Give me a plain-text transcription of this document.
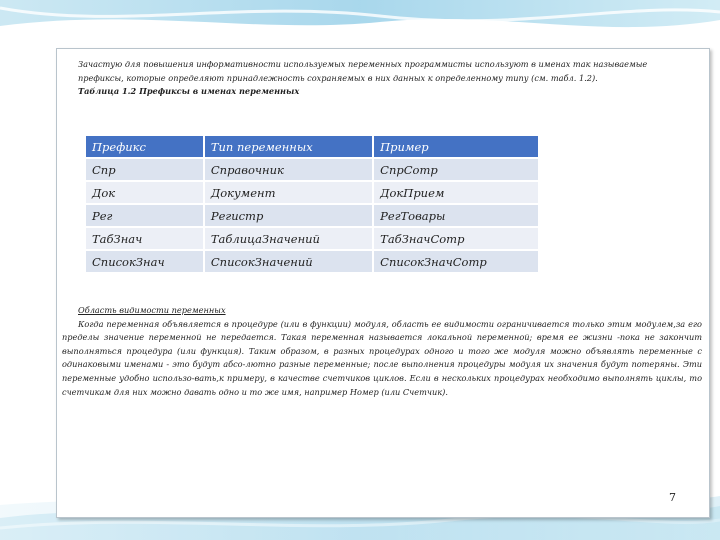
Зачастую для повышения информативности используемых переменных программисты используют в именах так называемые

префиксы, которые определяют принадлежность сохраняемых в них данных к определенному типу (см. табл. 1.2).

Таблица 1.2 Префиксы в именах переменных

Префикс	Тип переменных	Пример
Спр	Справочник	СпрСотр
Док	Документ	ДокПрием
Рег	Регистр	РегТовары
ТабЗнач	ТаблицаЗначений	ТабЗначСотр
СписокЗнач	СписокЗначений	СписокЗначСотр

Область видимости переменных

Когда переменная объявляется в процедуре (или в функции) модуля, область ее видимости ограничивается только этим модулем,за его пределы значение переменной не передается. Такая переменная называется локальной переменной; время ее жизни -пока не закончит выполняться процедура (или функция). Таким образом, в разных процедурах одного и того же модуля можно объявлять переменные с одинаковыми именами - это будут абсо-лютно разные переменные; после выполнения процедуры модуля их значения будут потеряны. Эти переменные удобно использо-вать,к примеру, в качестве счетчиков циклов. Если в нескольких процедурах необходимо выполнять циклы, то счетчикам для них можно давать одно и то же имя, например Номер (или Счетчик).

7
